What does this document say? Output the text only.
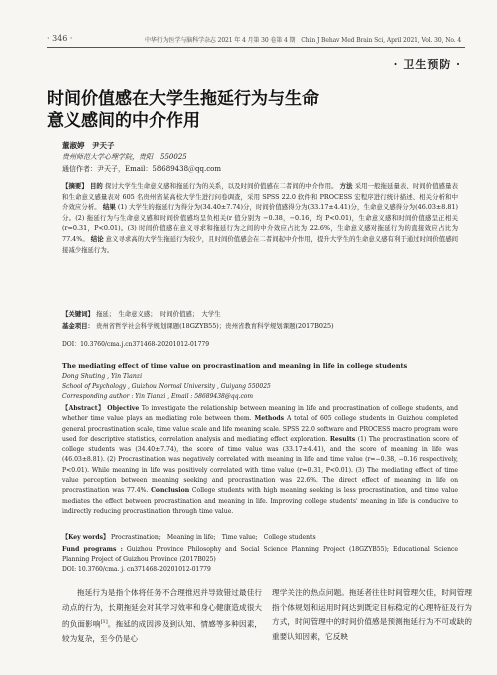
· 346 ·	中华行为医学与脑科学杂志 2021 年 4 月第 30 卷第 4 期　Chin J Behav Med Brain Sci, April 2021, Vol. 30, No. 4
· 卫生预防 ·
时间价值感在大学生拖延行为与生命
意义感间的中介作用
董淑婷　尹天子
贵州师范大学心理学院，贵阳　550025
通信作者：尹天子，Email：58689438＠qq.com
【摘要】 目的 探讨大学生生命意义感和拖延行为的关系，以及时间价值感在二者间的中介作用。 方法 采用一般拖延量表、时间价值感量表和生命意义感量表对 605 名贵州省某高校大学生进行问卷调查，采用 SPSS 22.0 软件和 PROCESS 宏程序进行统计描述、相关分析和中介效应分析。 结果 (1) 大学生的拖延行为得分为(34.40±7.74)分，时间价值感得分为(33.17±4.41)分，生命意义感得分为(46.03±8.81)分。(2) 拖延行为与生命意义感和时间价值感均呈负相关(r 值分别为 −0.38，−0.16，均 P<0.01)，生命意义感和时间价值感呈正相关(r=0.31，P<0.01)。(3) 时间价值感在意义寻求和拖延行为之间的中介效应占比为 22.6%，生命意义感对拖延行为的直接效应占比为 77.4%。 结论 意义寻求高的大学生拖延行为较少，且时间价值感会在二者间起中介作用，提升大学生的生命意义感有利于通过时间价值感间接减少拖延行为。
【关键词】 拖延；　生命意义感；　时间价值感；　大学生
基金项目： 贵州省哲学社会科学规划课题(18GZYB55)；贵州省教育科学规划课题(2017B025)
DOI：10.3760/cma.j.cn371468-20201012-01779
The mediating effect of time value on procrastination and meaning in life in college students
Dong Shuting , Yin Tianzi
School of Psychology , Guizhou Normal University , Guiyang 550025
Corresponding author : Yin Tianzi , Email : 58689438@qq.com
【Abstract】 Objective To investigate the relationship between meaning in life and procrastination of college students, and whether time value plays an mediating role between them. Methods A total of 605 college students in Guizhou completed general procrastination scale, time value scale and life meaning scale. SPSS 22.0 software and PROCESS macro program were used for descriptive statistics, correlation analysis and mediating effect exploration. Results (1) The procrastination score of college students was (34.40±7.74), the score of time value was (33.17±4.41), and the score of meaning in life was (46.03±8.81). (2) Procrastination was negatively correlated with meaning in life and time value (r=−0.38, −0.16 respectively, P<0.01). While meaning in life was positively correlated with time value (r=0.31, P<0.01). (3) The mediating effect of time value perception between meaning seeking and procrastination was 22.6%. The direct effect of meaning in life on procrastination was 77.4%. Conclusion College students with high meaning seeking is less procrastination, and time value mediates the effect between procrastination and meaning in life. Improving college students' meaning in life is conducive to indirectly reducing procrastination through time value.
【Key words】 Procrastination;　Meaning in life;　Time value;　College students
Fund programs : Guizhou Province Philosophy and Social Science Planning Project (18GZYB55); Educational Science Planning Project of Guizhou Province (2017B025)
DOI: 10.3760/cma. j. cn371468-20201012-01779

拖延行为是指个体将任务不合理推迟并导致错过最佳行动点的行为，长期拖延会对其学习效率和身心健康造成很大的负面影响[1]。拖延的成因涉及到认知、情感等多种因素，较为复杂，至今仍是心

理学关注的热点问题。拖延者往往时间管理欠佳，时间管理指个体规划和运用时间达到既定目标稳定的心理特征及行为方式，时间管理中的时间价值感是预测拖延行为不可或缺的重要认知因素，它反映
